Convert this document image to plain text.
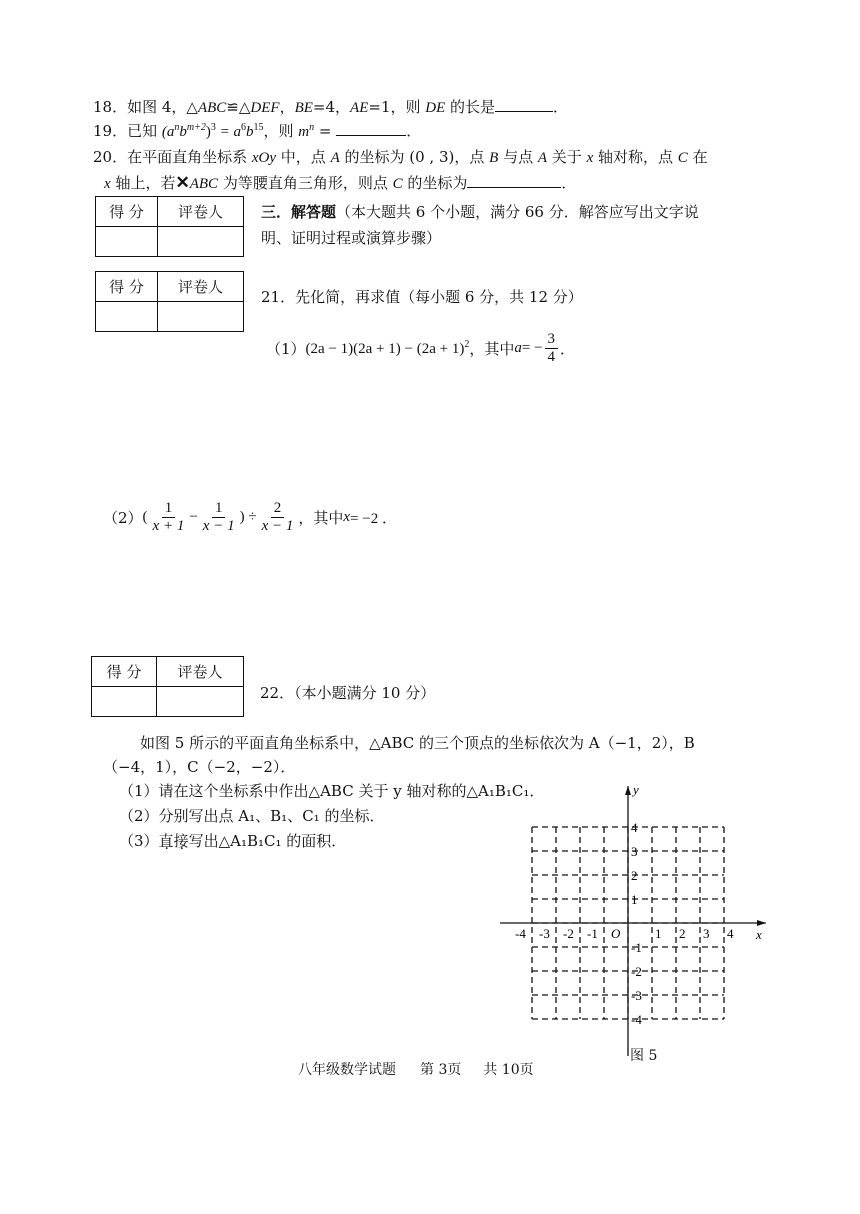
18．如图 4，△ABC≌△DEF，BE=4，AE=1，则 DE 的长是	．
19．已知 $(a^nb^{m+2})^3 = a^6b^{15}$，则 $m^n$ =	．
20．在平面直角坐标系 xOy 中，点 A 的坐标为 (0 , 3)，点 B 与点 A 关于 x 轴对称，点 C 在
x 轴上，若✕ABC 为等腰直角三角形，则点 C 的坐标为	．
得 分	评卷人
		三．解答题（本大题共 6 个小题，满分 66 分．解答应写出文字说
明、证明过程或演算步骤）
得 分	评卷人

21．先化简，再求值（每小题 6 分，共 12 分）
（1） $(2a - 1)(2a + 1) - (2a + 1)^2$ ，其中 a = − $\frac{3}{4}$ ．
（2） ( $\frac{1}{x + 1} - \frac{1}{x - 1}$ ) ÷ $\frac{2}{x - 1}$ ，其中 x = −2 ．
得 分	评卷人

22．（本小题满分 10 分）
如图 5 所示的平面直角坐标系中，△ABC 的三个顶点的坐标依次为 A（−1，2），B
（−4，1），C（−2，−2）．
（1）请在这个坐标系中作出△ABC 关于 y 轴对称的△A₁B₁C₁．
（2）分别写出点 A₁、B₁、C₁ 的坐标．
（3）直接写出△A₁B₁C₁ 的面积．
-4 -3 -2 -1	1 2 3 4
4
3
2
1
-1
-2
-3
-4
O	x
y
图 5
八年级数学试题 第 3页 共 10页
